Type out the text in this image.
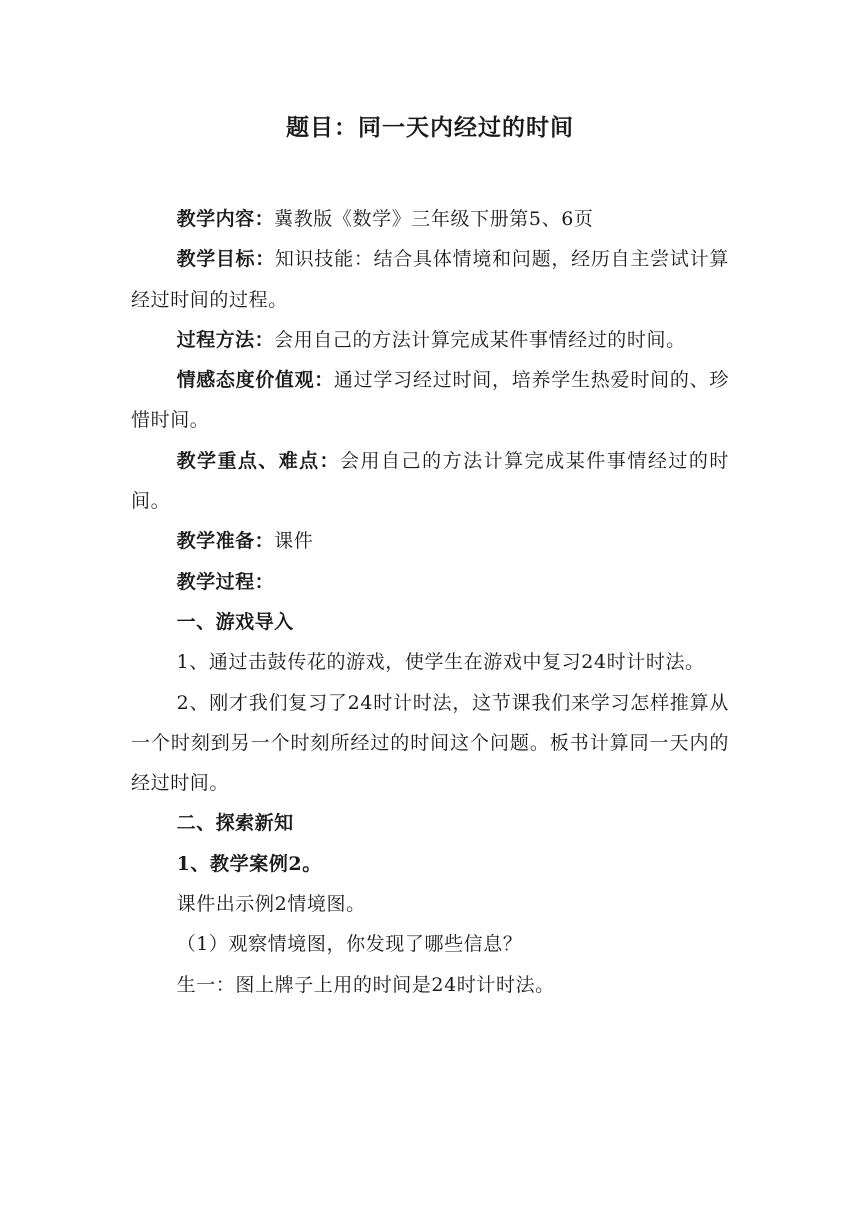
题目：同一天内经过的时间

教学内容：冀教版《数学》三年级下册第5、6页

教学目标：知识技能：结合具体情境和问题，经历自主尝试计算经过时间的过程。

过程方法：会用自己的方法计算完成某件事情经过的时间。

情感态度价值观：通过学习经过时间，培养学生热爱时间的、珍惜时间。

教学重点、难点：会用自己的方法计算完成某件事情经过的时间。

教学准备：课件

教学过程：

一、游戏导入

1、通过击鼓传花的游戏，使学生在游戏中复习24时计时法。

2、刚才我们复习了24时计时法，这节课我们来学习怎样推算从一个时刻到另一个时刻所经过的时间这个问题。板书计算同一天内的经过时间。

二、探索新知

1、教学案例2。

课件出示例2情境图。

（1）观察情境图，你发现了哪些信息？

生一：图上牌子上用的时间是24时计时法。
